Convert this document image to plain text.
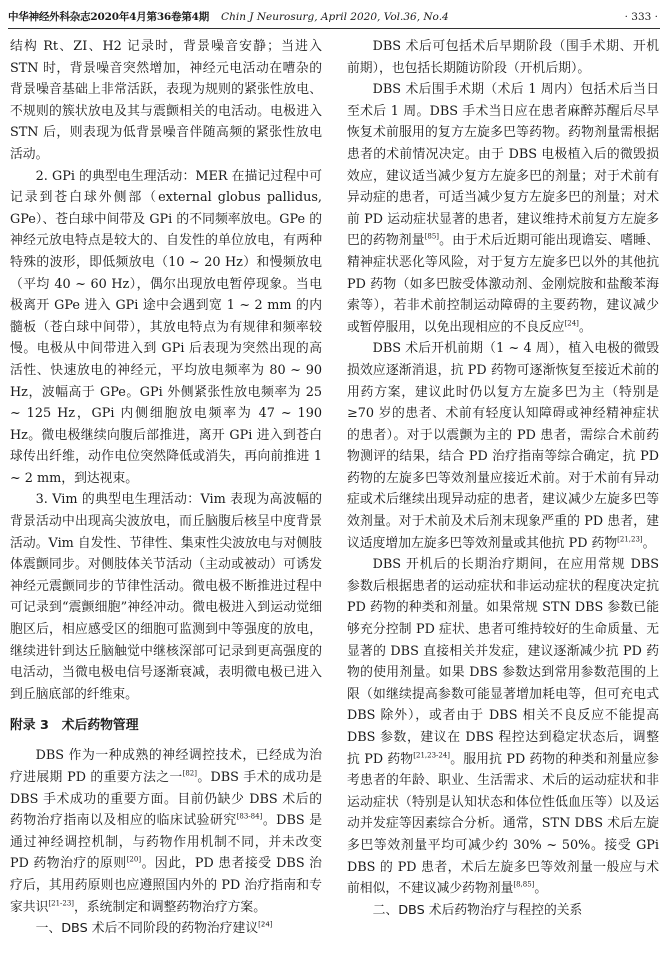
中华神经外科杂志2020年4月第36卷第4期 Chin J Neurosurg, April 2020, Vol.36, No.4	· 333 ·

结构 Rt、ZI、H2 记录时，背景噪音安静；当进入 STN 时，背景噪音突然增加，神经元电活动在嘈杂的背景噪音基础上非常活跃，表现为规则的紧张性放电、不规则的簇状放电及其与震颤相关的电活动。电极进入 STN 后，则表现为低背景噪音伴随高频的紧张性放电活动。

2. GPi 的典型电生理活动：MER 在描记过程中可记录到苍白球外侧部（external globus pallidus, GPe）、苍白球中间带及 GPi 的不同频率放电。GPe 的神经元放电特点是较大的、自发性的单位放电，有两种特殊的波形，即低频放电（10 ~ 20 Hz）和慢频放电（平均 40 ~ 60 Hz），偶尔出现放电暂停现象。当电极离开 GPe 进入 GPi 途中会遇到宽 1 ~ 2 mm 的内髓板（苍白球中间带），其放电特点为有规律和频率较慢。电极从中间带进入到 GPi 后表现为突然出现的高活性、快速放电的神经元，平均放电频率为 80 ~ 90 Hz，波幅高于 GPe。GPi 外侧紧张性放电频率为 25 ~ 125 Hz，GPi 内侧细胞放电频率为 47 ~ 190 Hz。微电极继续向腹后部推进，离开 GPi 进入到苍白球传出纤维，动作电位突然降低或消失，再向前推进 1 ~ 2 mm，到达视束。

3. Vim 的典型电生理活动：Vim 表现为高波幅的背景活动中出现高尖波放电，而丘脑腹后核呈中度背景活动。Vim 自发性、节律性、集束性尖波放电与对侧肢体震颤同步。对侧肢体关节活动（主动或被动）可诱发神经元震颤同步的节律性活动。微电极不断推进过程中可记录到“震颤细胞”神经冲动。微电极进入到运动觉细胞区后，相应感受区的细胞可监测到中等强度的放电，继续进针到达丘脑触觉中继核深部可记录到更高强度的电活动，当微电极电信号逐渐衰减，表明微电极已进入到丘脑底部的纤维束。

附录 3　术后药物管理

DBS 作为一种成熟的神经调控技术，已经成为治疗进展期 PD 的重要方法之一[82]。DBS 手术的成功是 DBS 手术成功的重要方面。目前仍缺少 DBS 术后的药物治疗指南以及相应的临床试验研究[83-84]。DBS 是通过神经调控机制，与药物作用机制不同，并未改变 PD 药物治疗的原则[20]。因此，PD 患者接受 DBS 治疗后，其用药原则也应遵照国内外的 PD 治疗指南和专家共识[21-23]，系统制定和调整药物治疗方案。

一、DBS 术后不同阶段的药物治疗建议[24]

DBS 术后可包括术后早期阶段（围手术期、开机前期），也包括长期随访阶段（开机后期）。

DBS 术后围手术期（术后 1 周内）包括术后当日至术后 1 周。DBS 手术当日应在患者麻醉苏醒后尽早恢复术前服用的复方左旋多巴等药物。药物剂量需根据患者的术前情况决定。由于 DBS 电极植入后的微毁损效应，建议适当减少复方左旋多巴的剂量；对于术前有异动症的患者，可适当减少复方左旋多巴的剂量；对术前 PD 运动症状显著的患者，建议维持术前复方左旋多巴的药物剂量[85]。由于术后近期可能出现谵妄、嗜睡、精神症状恶化等风险，对于复方左旋多巴以外的其他抗 PD 药物（如多巴胺受体激动剂、金刚烷胺和盐酸苯海索等），若非术前控制运动障碍的主要药物，建议减少或暂停服用，以免出现相应的不良反应[24]。

DBS 术后开机前期（1 ~ 4 周），植入电极的微毁损效应逐渐消退，抗 PD 药物可逐渐恢复至接近术前的用药方案，建议此时仍以复方左旋多巴为主（特别是≥70 岁的患者、术前有轻度认知障碍或神经精神症状的患者）。对于以震颤为主的 PD 患者，需综合术前药物测评的结果，结合 PD 治疗指南等综合确定，抗 PD 药物的左旋多巴等效剂量应接近术前。对于术前有异动症或术后继续出现异动症的患者，建议减少左旋多巴等效剂量。对于术前及术后剂末现象严重的 PD 患者，建议适度增加左旋多巴等效剂量或其他抗 PD 药物[21,23]。

DBS 开机后的长期治疗期间，在应用常规 DBS 参数后根据患者的运动症状和非运动症状的程度决定抗 PD 药物的种类和剂量。如果常规 STN DBS 参数已能够充分控制 PD 症状、患者可维持较好的生命质量、无显著的 DBS 直接相关并发症，建议逐渐减少抗 PD 药物的使用剂量。如果 DBS 参数达到常用参数范围的上限（如继续提高参数可能显著增加耗电等，但可充电式 DBS 除外），或者由于 DBS 相关不良反应不能提高 DBS 参数，建议在 DBS 程控达到稳定状态后，调整抗 PD 药物[21,23-24]。服用抗 PD 药物的种类和剂量应参考患者的年龄、职业、生活需求、术后的运动症状和非运动症状（特别是认知状态和体位性低血压等）以及运动并发症等因素综合分析。通常，STN DBS 术后左旋多巴等效剂量平均可减少约 30% ~ 50%。接受 GPi DBS 的 PD 患者，术后左旋多巴等效剂量一般应与术前相似，不建议减少药物剂量[8,85]。

二、DBS 术后药物治疗与程控的关系
